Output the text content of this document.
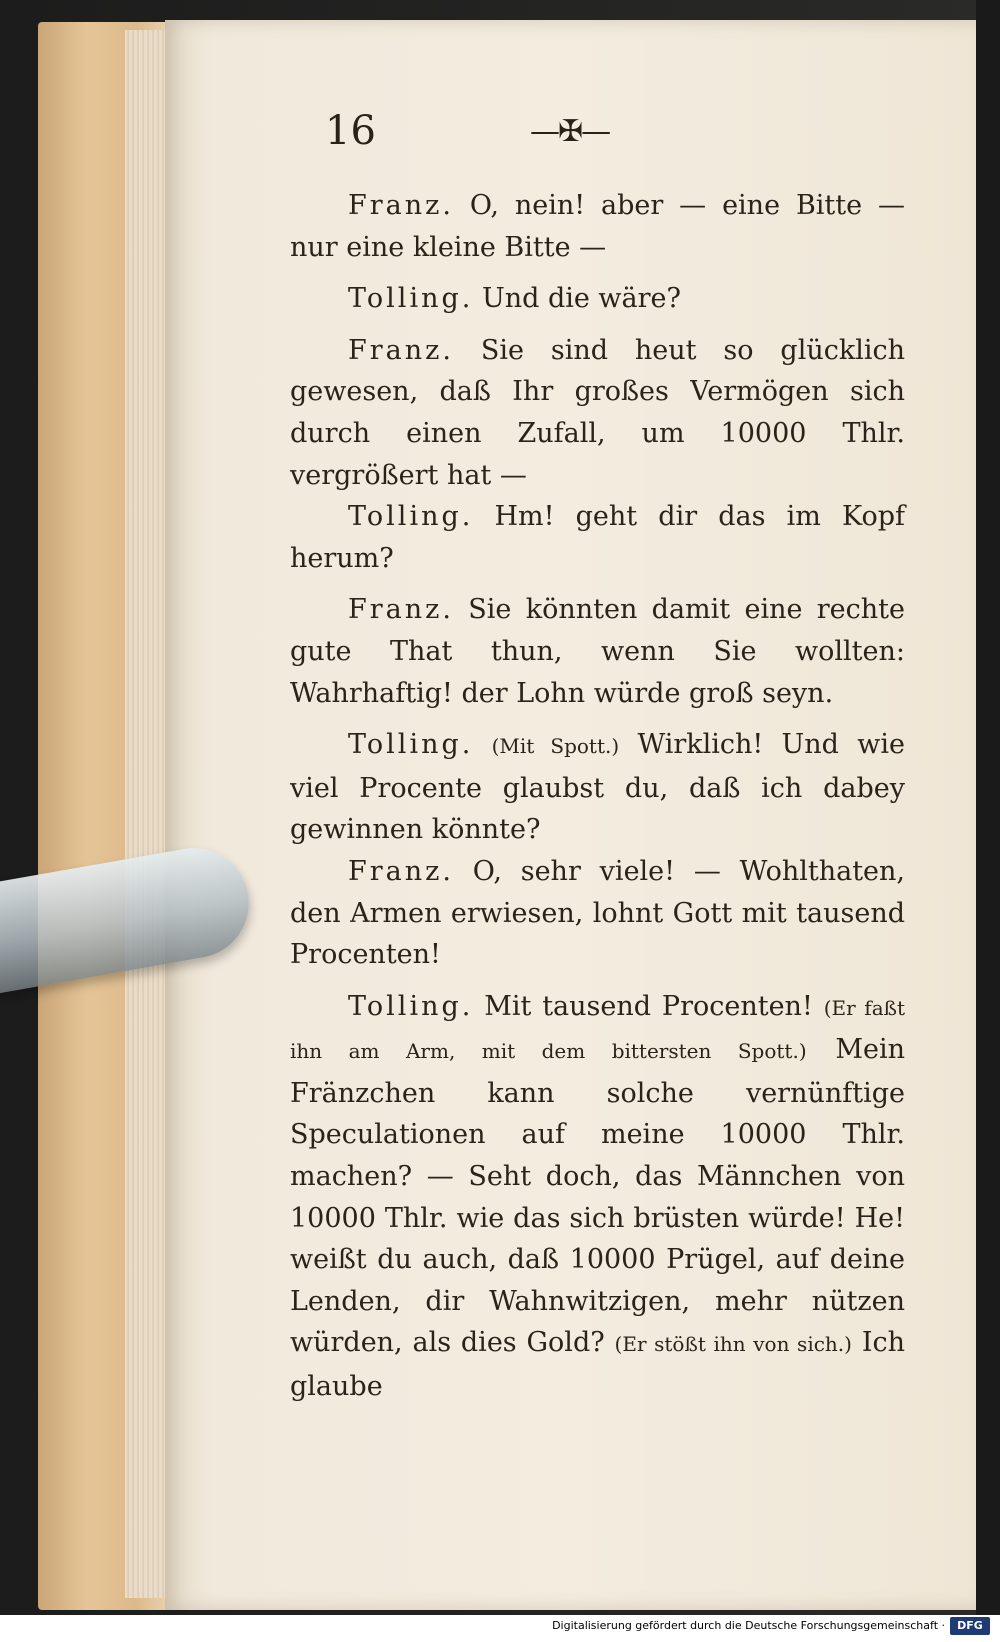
16	—✠—

Franz. O, nein! aber — eine Bitte — nur eine kleine Bitte —

Tolling. Und die wäre?

Franz. Sie sind heut so glücklich gewesen, daß Ihr großes Vermögen sich durch einen Zufall, um 10000 Thlr. vergrößert hat —

Tolling. Hm! geht dir das im Kopf herum?

Franz. Sie könnten damit eine rechte gute That thun, wenn Sie wollten: Wahrhaftig! der Lohn würde groß seyn.

Tolling. (Mit Spott.) Wirklich! Und wie viel Procente glaubst du, daß ich dabey gewinnen könnte?

Franz. O, sehr viele! — Wohlthaten, den Armen erwiesen, lohnt Gott mit tausend Procenten!

Tolling. Mit tausend Procenten! (Er faßt ihn am Arm, mit dem bittersten Spott.) Mein Fränzchen kann solche vernünftige Speculationen auf meine 10000 Thlr. machen? — Seht doch, das Männchen von 10000 Thlr. wie das sich brüsten würde! He! weißt du auch, daß 10000 Prügel, auf deine Lenden, dir Wahnwitzigen, mehr nützen würden, als dies Gold? (Er stößt ihn von sich.) Ich glaube

Digitalisierung gefördert durch die Deutsche Forschungsgemeinschaft ·	DFG
